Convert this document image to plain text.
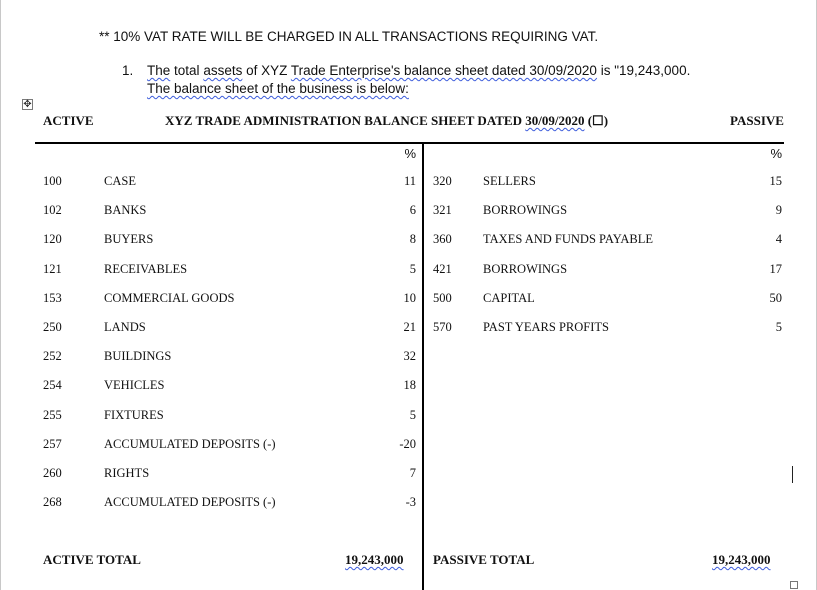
** 10% VAT RATE WILL BE CHARGED IN ALL TRANSACTIONS REQUIRING VAT.
1. The total assets of XYZ Trade Enterprise's balance sheet dated 30/09/2020 is "19,243,000.
The balance sheet of the business is below:
✥
ACTIVE	XYZ TRADE ADMINISTRATION BALANCE SHEET DATED 30/09/2020 (☐)	PASSIVE
%	%
100	CASE	11
102	BANKS	6
120	BUYERS	8
121	RECEIVABLES	5
153	COMMERCIAL GOODS	10
250	LANDS	21
252	BUILDINGS	32
254	VEHICLES	18
255	FIXTURES	5
257	ACCUMULATED DEPOSITS (-)	-20
260	RIGHTS	7
268	ACCUMULATED DEPOSITS (-)	-3
320	SELLERS	15
321	BORROWINGS	9
360	TAXES AND FUNDS PAYABLE	4
421	BORROWINGS	17
500	CAPITAL	50
570	PAST YEARS PROFITS	5
ACTIVE TOTAL	19,243,000 PASSIVE TOTAL	19,243,000
